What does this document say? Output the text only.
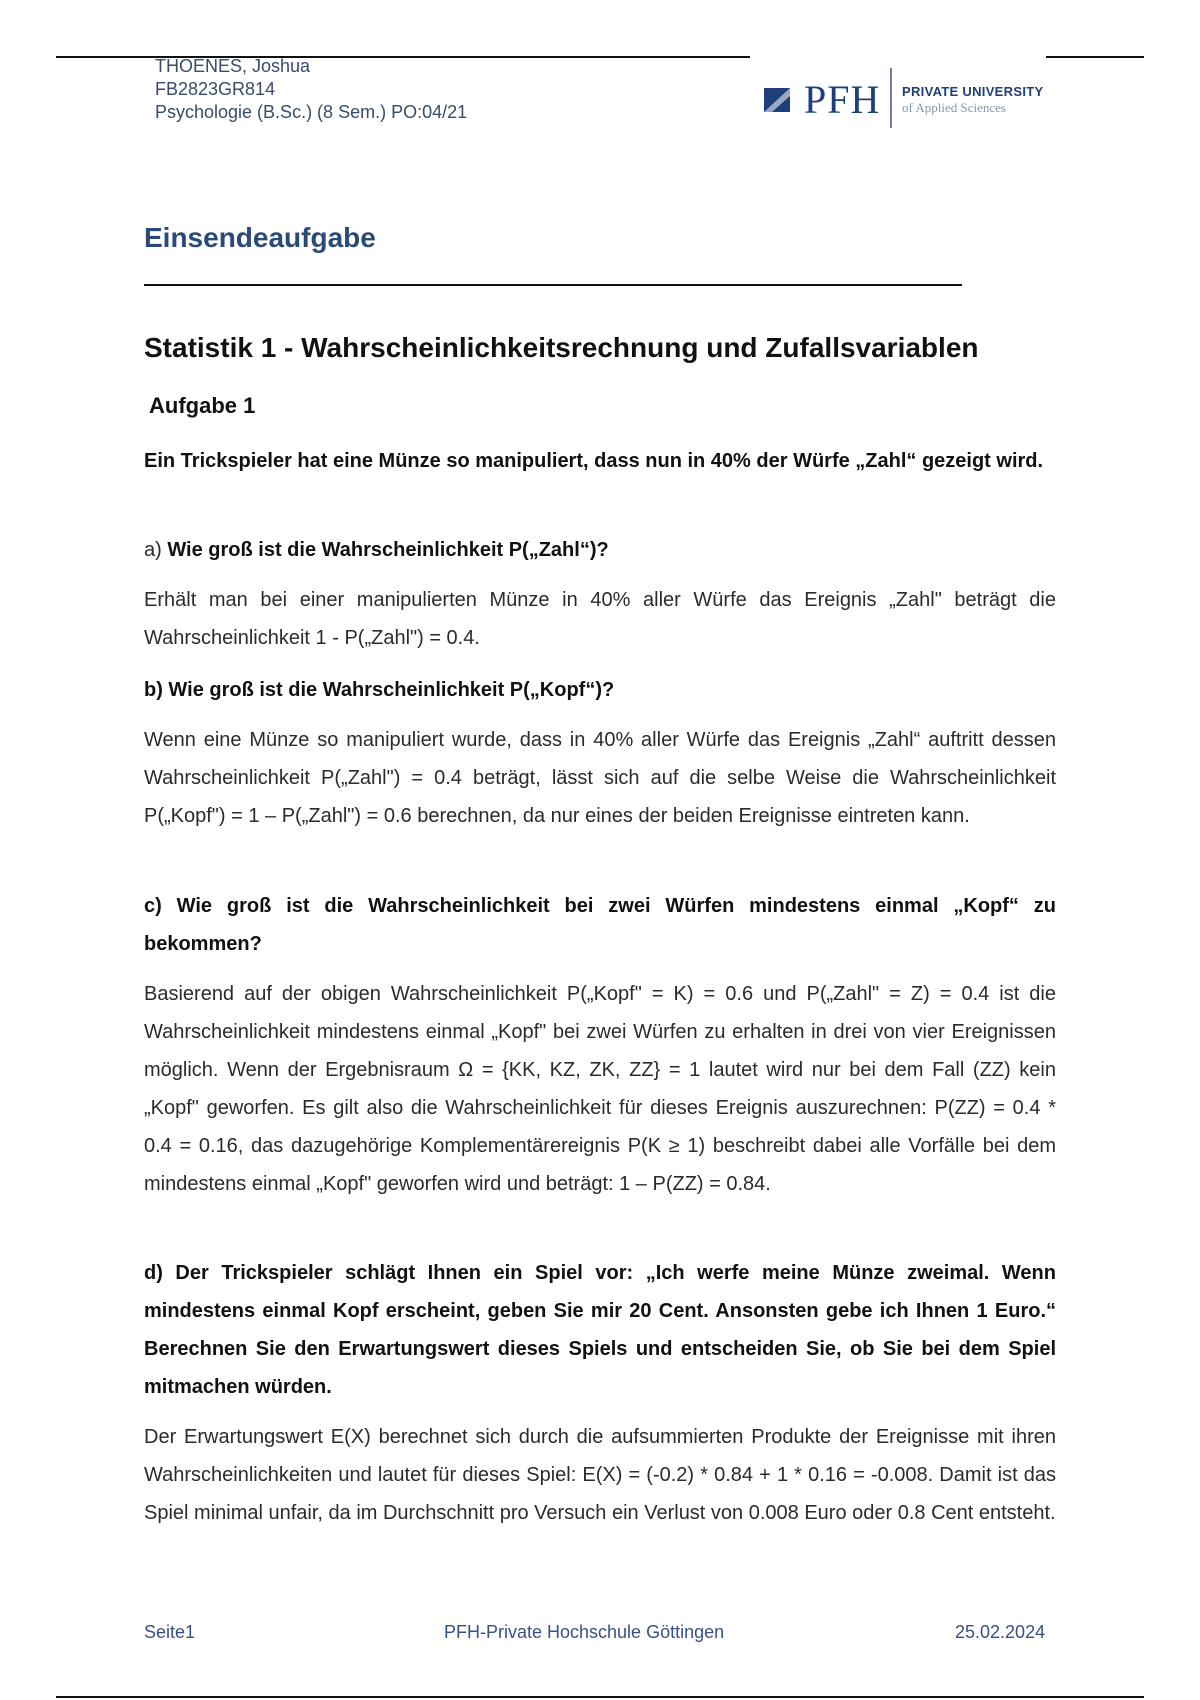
THOENES, Joshua
FB2823GR814
Psychologie (B.Sc.) (8 Sem.) PO:04/21	PFH PRIVATE UNIVERSITY
of Applied Sciences
Einsendeaufgabe
Statistik 1 - Wahrscheinlichkeitsrechnung und Zufallsvariablen
Aufgabe 1

Ein Trickspieler hat eine Münze so manipuliert, dass nun in 40% der Würfe „Zahl“ gezeigt wird.

a) Wie groß ist die Wahrscheinlichkeit P(„Zahl“)?

Erhält man bei einer manipulierten Münze in 40% aller Würfe das Ereignis „Zahl" beträgt die Wahrscheinlichkeit 1 - P(„Zahl") = 0.4.

b) Wie groß ist die Wahrscheinlichkeit P(„Kopf“)?

Wenn eine Münze so manipuliert wurde, dass in 40% aller Würfe das Ereignis „Zahl“ auftritt dessen Wahrscheinlichkeit P(„Zahl") = 0.4 beträgt, lässt sich auf die selbe Weise die Wahrscheinlichkeit P(„Kopf") = 1 – P(„Zahl") = 0.6 berechnen, da nur eines der beiden Ereignisse eintreten kann.

c) Wie groß ist die Wahrscheinlichkeit bei zwei Würfen mindestens einmal „Kopf“ zu bekommen?

Basierend auf der obigen Wahrscheinlichkeit P(„Kopf" = K) = 0.6 und P(„Zahl" = Z) = 0.4 ist die Wahrscheinlichkeit mindestens einmal „Kopf" bei zwei Würfen zu erhalten in drei von vier Ereignissen möglich. Wenn der Ergebnisraum Ω = {KK, KZ, ZK, ZZ} = 1 lautet wird nur bei dem Fall (ZZ) kein „Kopf" geworfen. Es gilt also die Wahrscheinlichkeit für dieses Ereignis auszurechnen: P(ZZ) = 0.4 * 0.4 = 0.16, das dazugehörige Komplementärereignis P(K ≥ 1) beschreibt dabei alle Vorfälle bei dem mindestens einmal „Kopf" geworfen wird und beträgt: 1 – P(ZZ) = 0.84.

d) Der Trickspieler schlägt Ihnen ein Spiel vor: „Ich werfe meine Münze zweimal. Wenn mindestens einmal Kopf erscheint, geben Sie mir 20 Cent. Ansonsten gebe ich Ihnen 1 Euro.“ Berechnen Sie den Erwartungswert dieses Spiels und entscheiden Sie, ob Sie bei dem Spiel mitmachen würden.

Der Erwartungswert E(X) berechnet sich durch die aufsummierten Produkte der Ereignisse mit ihren Wahrscheinlichkeiten und lautet für dieses Spiel: E(X) = (-0.2) * 0.84 + 1 * 0.16 = -0.008. Damit ist das Spiel minimal unfair, da im Durchschnitt pro Versuch ein Verlust von 0.008 Euro oder 0.8 Cent entsteht.

Seite1	PFH-Private Hochschule Göttingen	25.02.2024
